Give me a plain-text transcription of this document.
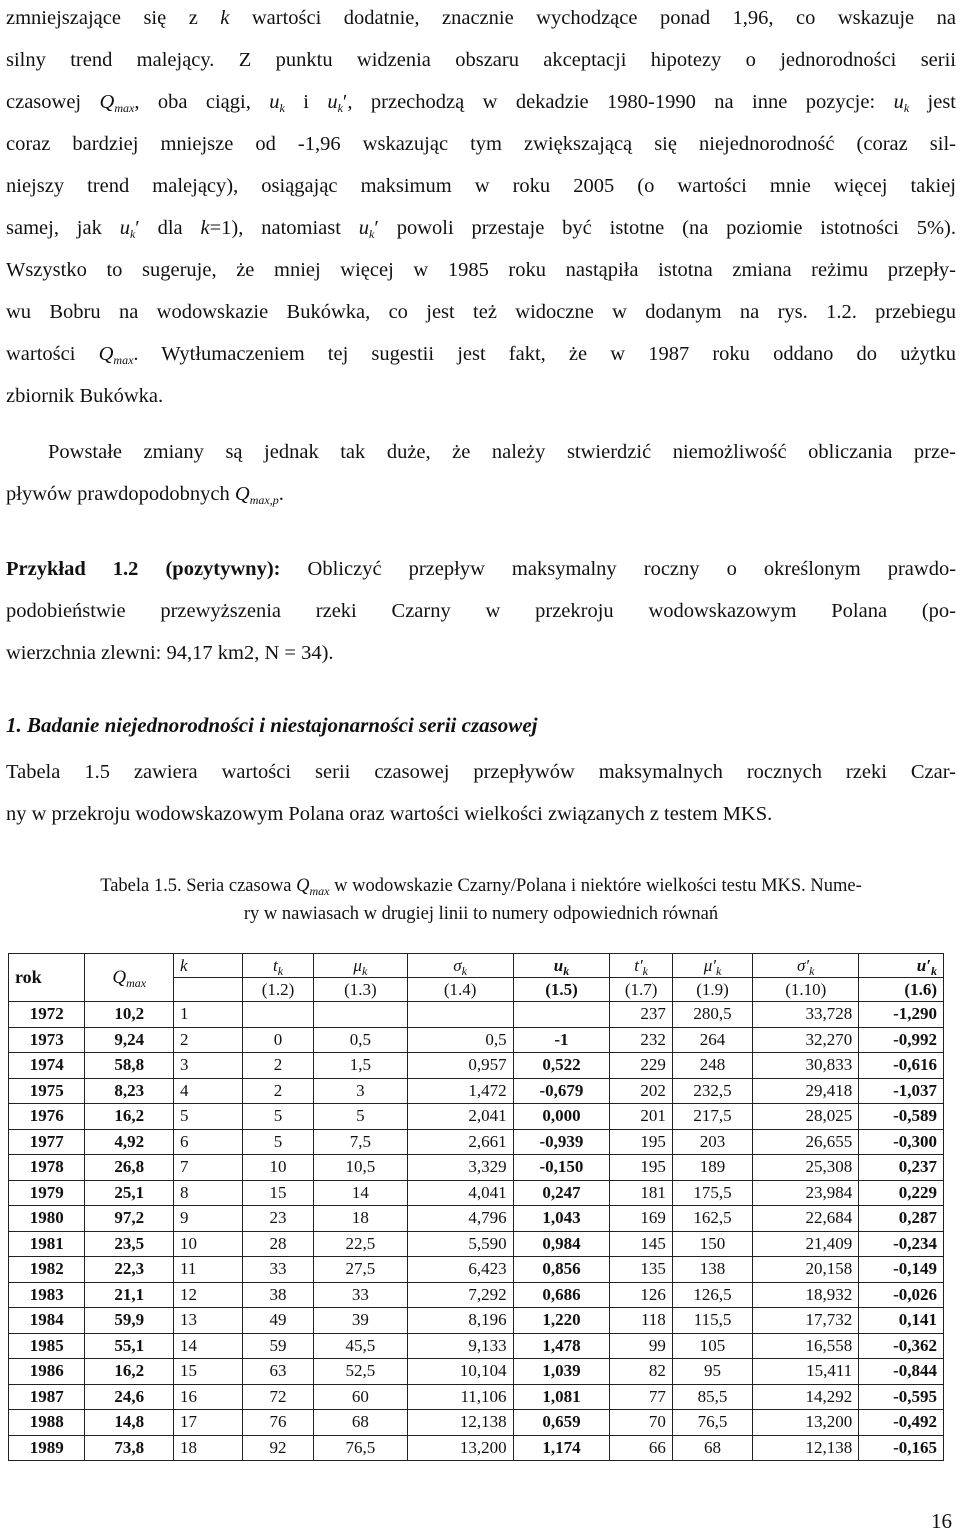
zmniejszające się z k wartości dodatnie, znacznie wychodzące ponad 1,96, co wskazuje na
silny trend malejący. Z punktu widzenia obszaru akceptacji hipotezy o jednorodności serii
czasowej $Q_{max}$, oba ciągi, $u_k$ i $u_k'$, przechodzą w dekadzie 1980-1990 na inne pozycje: $u_k$ jest
coraz bardziej mniejsze od -1,96 wskazując tym zwiększającą się niejednorodność (coraz sil-
niejszy trend malejący), osiągając maksimum w roku 2005 (o wartości mnie więcej takiej
samej, jak $u_k'$ dla k=1), natomiast $u_k'$ powoli przestaje być istotne (na poziomie istotności 5%).
Wszystko to sugeruje, że mniej więcej w 1985 roku nastąpiła istotna zmiana reżimu przepły-
wu Bobru na wodowskazie Bukówka, co jest też widoczne w dodanym na rys. 1.2. przebiegu
wartości $Q_{max}$. Wytłumaczeniem tej sugestii jest fakt, że w 1987 roku oddano do użytku
zbiornik Bukówka.
Powstałe zmiany są jednak tak duże, że należy stwierdzić niemożliwość obliczania prze-
pływów prawdopodobnych $Q_{max,p}$.
Przykład 1.2 (pozytywny): Obliczyć przepływ maksymalny roczny o określonym prawdo-
podobieństwie przewyższenia rzeki Czarny w przekroju wodowskazowym Polana (po-
wierzchnia zlewni: 94,17 km2, N = 34).
1. Badanie niejednorodności i niestajonarności serii czasowej
Tabela 1.5 zawiera wartości serii czasowej przepływów maksymalnych rocznych rzeki Czar-
ny w przekroju wodowskazowym Polana oraz wartości wielkości związanych z testem MKS.
Tabela 1.5. Seria czasowa $Q_{max}$ w wodowskazie Czarny/Polana i niektóre wielkości testu MKS. Nume-
ry w nawiasach w drugiej linii to numery odpowiednich równań
rok	$Q_{max}$	k	$t_k$	$\mu_k$	$\sigma_k$	$u_k$	$t'_k$	$\mu'_k$	$\sigma'_k$	$u'_k$
			(1.2)	(1.3)	(1.4)	(1.5)	(1.7)	(1.9)	(1.10)	(1.6)
1972	10,2	1					237	280,5	33,728	-1,290
1973	9,24	2	0	0,5	0,5	-1	232	264	32,270	-0,992
1974	58,8	3	2	1,5	0,957	0,522	229	248	30,833	-0,616
1975	8,23	4	2	3	1,472	-0,679	202	232,5	29,418	-1,037
1976	16,2	5	5	5	2,041	0,000	201	217,5	28,025	-0,589
1977	4,92	6	5	7,5	2,661	-0,939	195	203	26,655	-0,300
1978	26,8	7	10	10,5	3,329	-0,150	195	189	25,308	0,237
1979	25,1	8	15	14	4,041	0,247	181	175,5	23,984	0,229
1980	97,2	9	23	18	4,796	1,043	169	162,5	22,684	0,287
1981	23,5	10	28	22,5	5,590	0,984	145	150	21,409	-0,234
1982	22,3	11	33	27,5	6,423	0,856	135	138	20,158	-0,149
1983	21,1	12	38	33	7,292	0,686	126	126,5	18,932	-0,026
1984	59,9	13	49	39	8,196	1,220	118	115,5	17,732	0,141
1985	55,1	14	59	45,5	9,133	1,478	99	105	16,558	-0,362
1986	16,2	15	63	52,5	10,104	1,039	82	95	15,411	-0,844
1987	24,6	16	72	60	11,106	1,081	77	85,5	14,292	-0,595
1988	14,8	17	76	68	12,138	0,659	70	76,5	13,200	-0,492
1989	73,8	18	92	76,5	13,200	1,174	66	68	12,138	-0,165
16
